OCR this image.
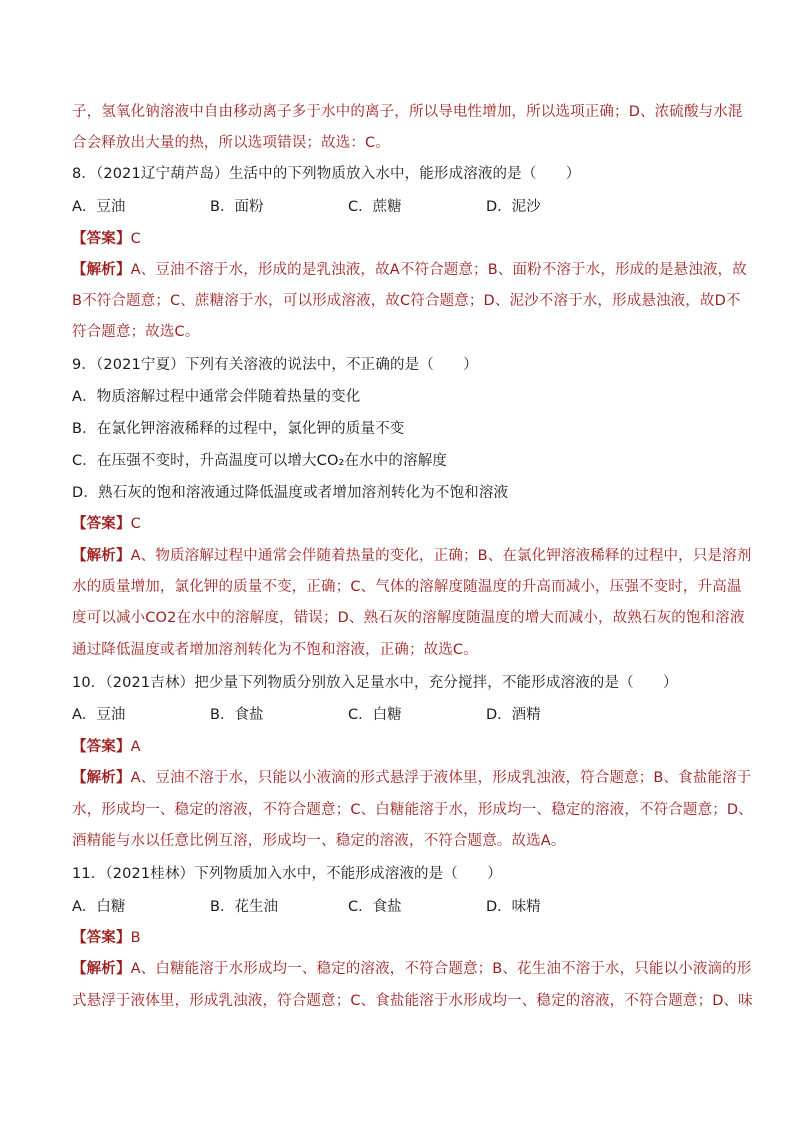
子，氢氧化钠溶液中自由移动离子多于水中的离子，所以导电性增加，所以选项正确；D、浓硫酸与水混
合会释放出大量的热，所以选项错误；故选：C。
8．（2021辽宁葫芦岛）生活中的下列物质放入水中，能形成溶液的是（　　）
A．豆油	B．面粉	C．蔗糖	D．泥沙
【答案】C
【解析】A、豆油不溶于水，形成的是乳浊液，故A不符合题意；B、面粉不溶于水，形成的是悬浊液，故
B不符合题意；C、蔗糖溶于水，可以形成溶液，故C符合题意；D、泥沙不溶于水，形成悬浊液，故D不
符合题意；故选C。
9．（2021宁夏）下列有关溶液的说法中，不正确的是（　　）
A．物质溶解过程中通常会伴随着热量的变化
B．在氯化钾溶液稀释的过程中，氯化钾的质量不变
C．在压强不变时，升高温度可以增大CO₂在水中的溶解度
D．熟石灰的饱和溶液通过降低温度或者增加溶剂转化为不饱和溶液
【答案】C
【解析】A、物质溶解过程中通常会伴随着热量的变化，正确；B、在氯化钾溶液稀释的过程中，只是溶剂
水的质量增加，氯化钾的质量不变，正确；C、气体的溶解度随温度的升高而减小，压强不变时，升高温
度可以减小CO2在水中的溶解度，错误；D、熟石灰的溶解度随温度的增大而减小，故熟石灰的饱和溶液
通过降低温度或者增加溶剂转化为不饱和溶液，正确；故选C。
10．（2021吉林）把少量下列物质分别放入足量水中，充分搅拌，不能形成溶液的是（　　）
A．豆油	B．食盐	C．白糖	D．酒精
【答案】A
【解析】A、豆油不溶于水，只能以小液滴的形式悬浮于液体里，形成乳浊液，符合题意；B、食盐能溶于
水，形成均一、稳定的溶液，不符合题意；C、白糖能溶于水，形成均一、稳定的溶液，不符合题意；D、
酒精能与水以任意比例互溶，形成均一、稳定的溶液，不符合题意。故选A。
11．（2021桂林）下列物质加入水中，不能形成溶液的是（　　）
A．白糖	B．花生油	C．食盐	D．味精
【答案】B
【解析】A、白糖能溶于水形成均一、稳定的溶液，不符合题意；B、花生油不溶于水，只能以小液滴的形
式悬浮于液体里，形成乳浊液，符合题意；C、食盐能溶于水形成均一、稳定的溶液，不符合题意；D、味
